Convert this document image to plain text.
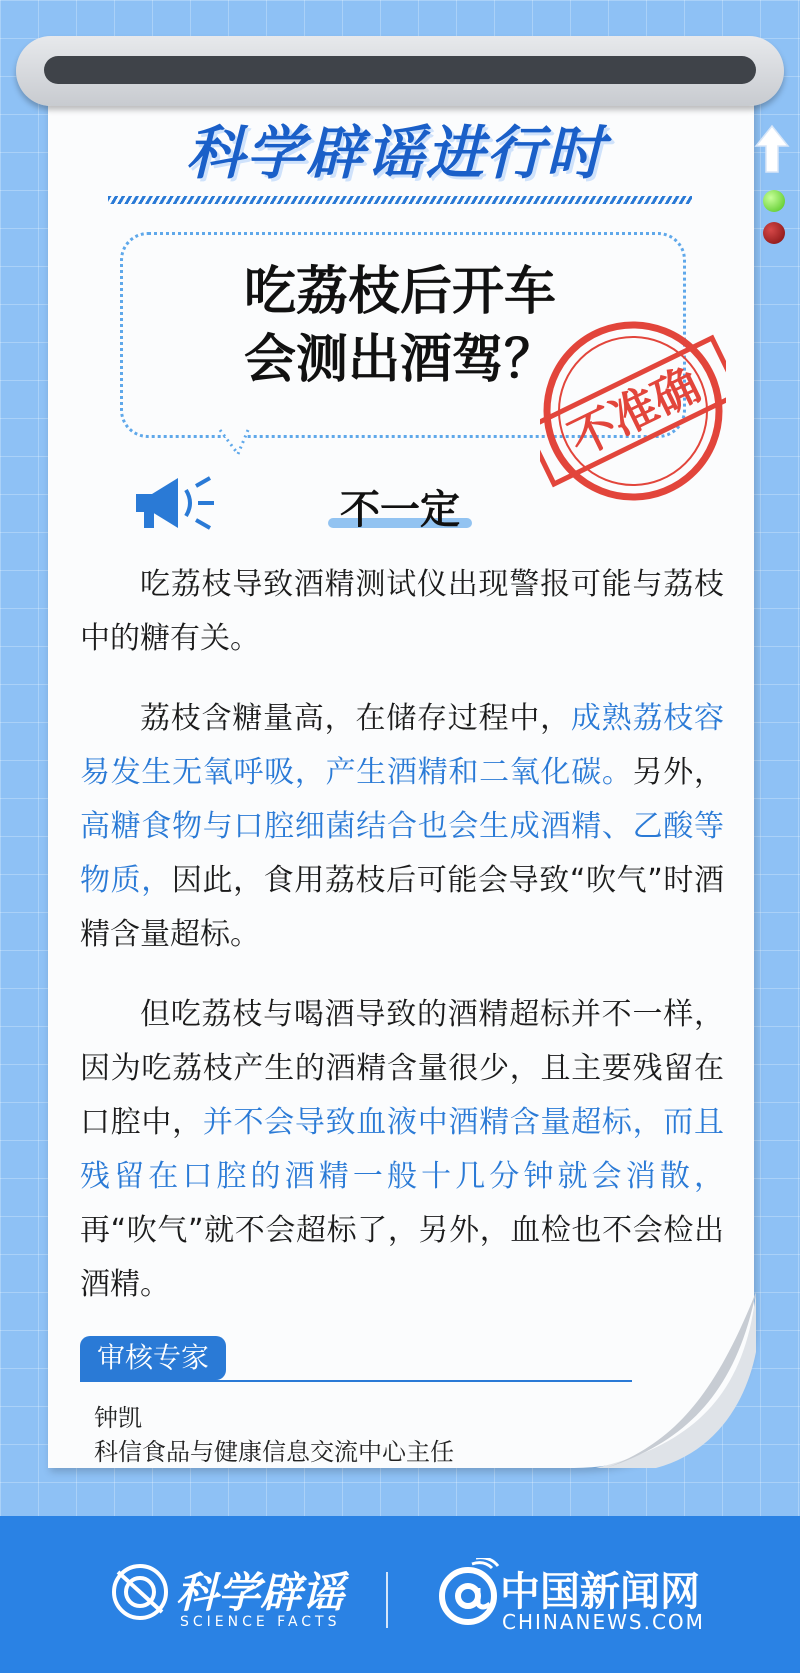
科学辟谣进行时
吃荔枝后开车
会测出酒驾？ 不准确
不一定

吃荔枝导致酒精测试仪出现警报可能与荔枝中的糖有关。

荔枝含糖量高，在储存过程中，成熟荔枝容易发生无氧呼吸，产生酒精和二氧化碳。另外，高糖食物与口腔细菌结合也会生成酒精、乙酸等物质，因此，食用荔枝后可能会导致“吹气”时酒精含量超标。

但吃荔枝与喝酒导致的酒精超标并不一样，因为吃荔枝产生的酒精含量很少，且主要残留在口腔中，并不会导致血液中酒精含量超标，而且残留在口腔的酒精一般十几分钟就会消散，再“吹气”就不会超标了，另外，血检也不会检出酒精。

审核专家
钟凯
科信食品与健康信息交流中心主任
科学辟谣
SCIENCE FACTS
中国新闻网
CHINANEWS.COM
